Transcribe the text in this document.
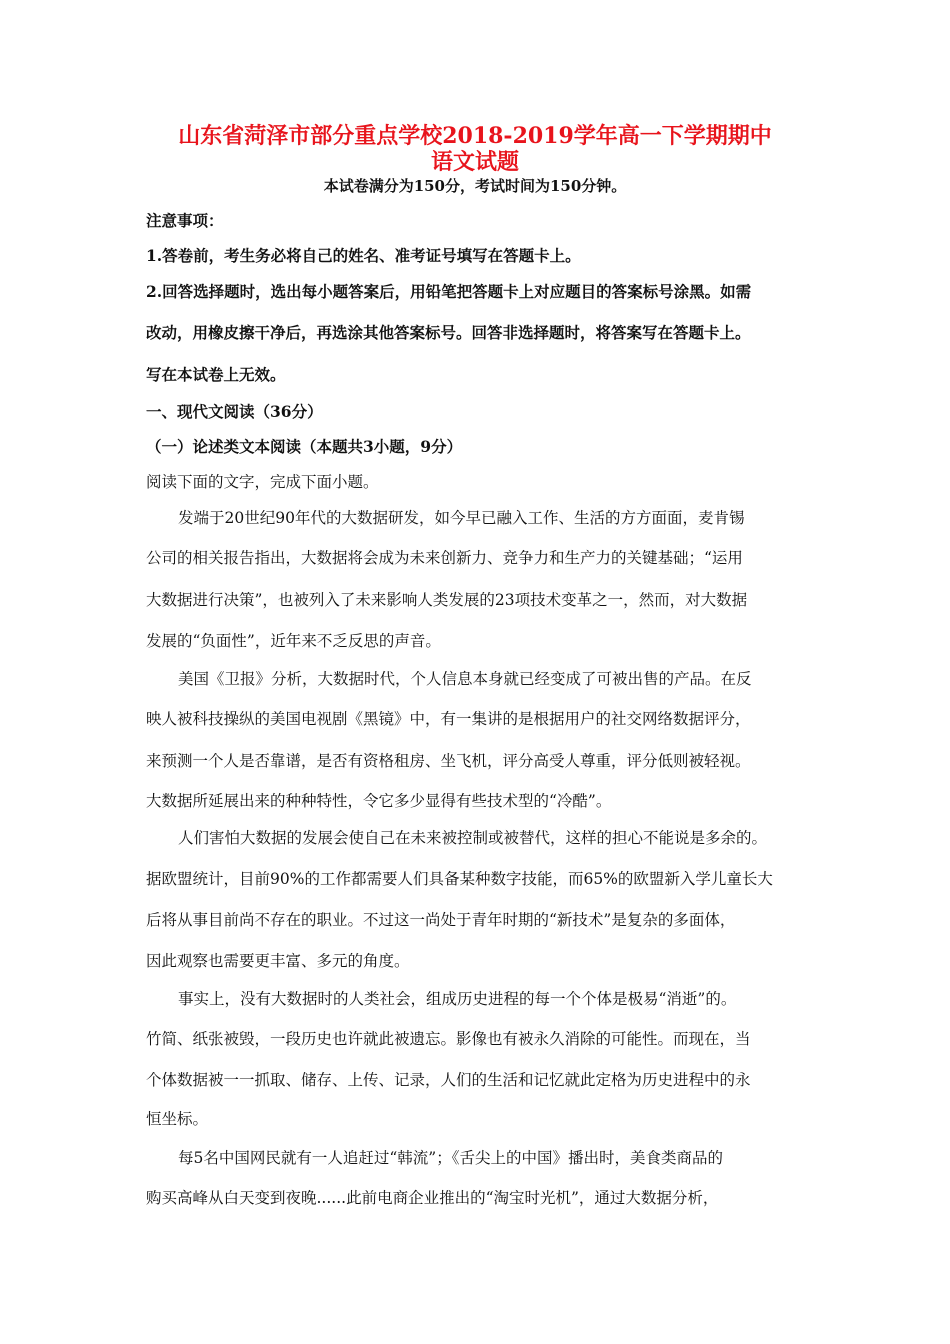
山东省菏泽市部分重点学校2018-2019学年高一下学期期中
语文试题
本试卷满分为150分，考试时间为150分钟。
注意事项：
1.答卷前，考生务必将自己的姓名、准考证号填写在答题卡上。
2.回答选择题时，选出每小题答案后，用铅笔把答题卡上对应题目的答案标号涂黑。如需
改动，用橡皮擦干净后，再选涂其他答案标号。回答非选择题时，将答案写在答题卡上。
写在本试卷上无效。
一、现代文阅读（36分）
（一）论述类文本阅读（本题共3小题，9分）
阅读下面的文字，完成下面小题。
发端于20世纪90年代的大数据研发，如今早已融入工作、生活的方方面面，麦肯锡
公司的相关报告指出，大数据将会成为未来创新力、竞争力和生产力的关键基础；“运用
大数据进行决策”，也被列入了未来影响人类发展的23项技术变革之一，然而，对大数据
发展的“负面性”，近年来不乏反思的声音。
美国《卫报》分析，大数据时代，个人信息本身就已经变成了可被出售的产品。在反
映人被科技操纵的美国电视剧《黑镜》中，有一集讲的是根据用户的社交网络数据评分，
来预测一个人是否靠谱，是否有资格租房、坐飞机，评分高受人尊重，评分低则被轻视。
大数据所延展出来的种种特性，令它多少显得有些技术型的“冷酷”。
人们害怕大数据的发展会使自己在未来被控制或被替代，这样的担心不能说是多余的。
据欧盟统计，目前90%的工作都需要人们具备某种数字技能，而65%的欧盟新入学儿童长大
后将从事目前尚不存在的职业。不过这一尚处于青年时期的“新技术”是复杂的多面体，
因此观察也需要更丰富、多元的角度。
事实上，没有大数据时的人类社会，组成历史进程的每一个个体是极易“消逝”的。
竹简、纸张被毁，一段历史也许就此被遗忘。影像也有被永久消除的可能性。而现在，当
个体数据被一一抓取、储存、上传、记录，人们的生活和记忆就此定格为历史进程中的永
恒坐标。
每5名中国网民就有一人追赶过“韩流”；《舌尖上的中国》播出时，美食类商品的
购买高峰从白天变到夜晚......此前电商企业推出的“淘宝时光机”，通过大数据分析，
